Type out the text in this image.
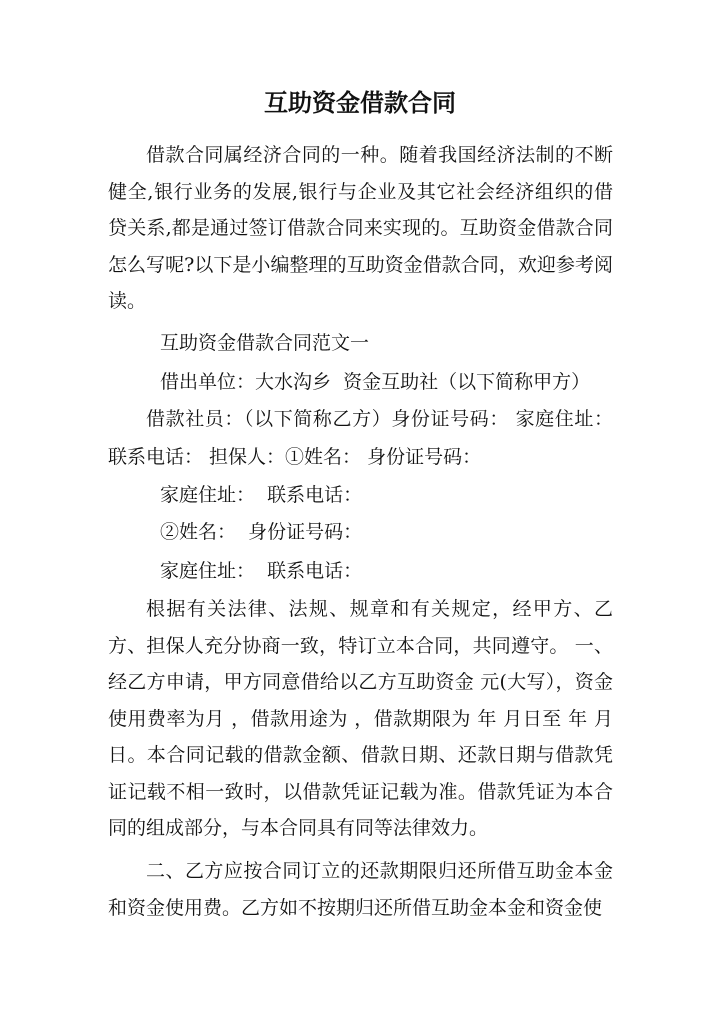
互助资金借款合同

借款合同属经济合同的一种。随着我国经济法制的不断健全,银行业务的发展,银行与企业及其它社会经济组织的借贷关系,都是通过签订借款合同来实现的。互助资金借款合同怎么写呢?以下是小编整理的互助资金借款合同，欢迎参考阅读。

互助资金借款合同范文一

借出单位：大水沟乡  资金互助社（以下简称甲方）

借款社员：（以下简称乙方）身份证号码： 家庭住址：联系电话： 担保人：①姓名： 身份证号码：

家庭住址：  联系电话：

②姓名：  身份证号码：

家庭住址：  联系电话：

根据有关法律、法规、规章和有关规定，经甲方、乙方、担保人充分协商一致，特订立本合同，共同遵守。 一、经乙方申请，甲方同意借给以乙方互助资金 元(大写），资金使用费率为月 ，借款用途为 ，借款期限为 年 月日至 年 月日。本合同记载的借款金额、借款日期、还款日期与借款凭证记载不相一致时，以借款凭证记载为准。借款凭证为本合同的组成部分，与本合同具有同等法律效力。

二、乙方应按合同订立的还款期限归还所借互助金本金和资金使用费。乙方如不按期归还所借互助金本金和资金使
